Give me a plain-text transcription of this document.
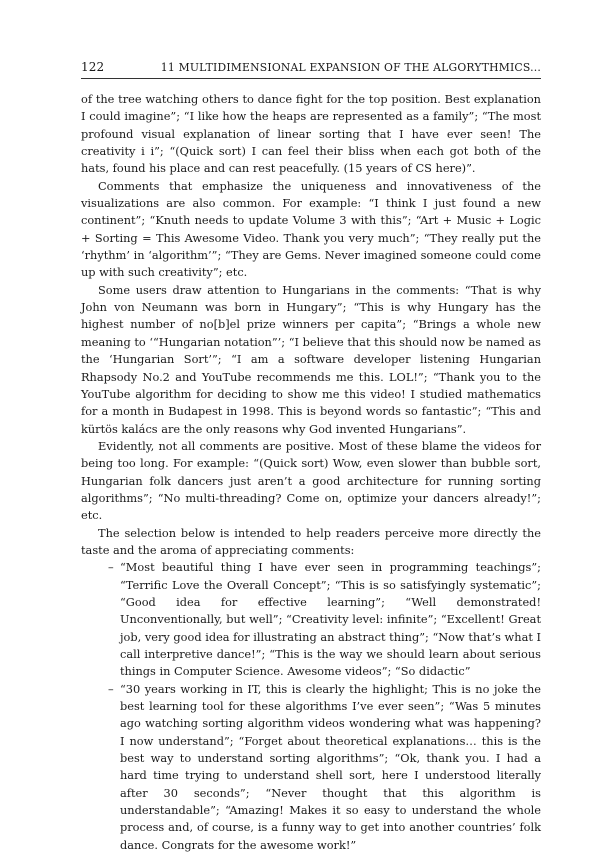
122	11 MULTIDIMENSIONAL EXPANSION OF THE ALGORYTHMICS...

of the tree watching others to dance fight for the top position. Best explanation I could imagine”; “I like how the heaps are represented as a family”; “The most profound visual explanation of linear sorting that I have ever seen! The creativity i i”; “(Quick sort) I can feel their bliss when each got both of the hats, found his place and can rest peacefully. (15 years of CS here)”.

Comments that emphasize the uniqueness and innovativeness of the visualizations are also common. For example: “I think I just found a new continent”; “Knuth needs to update Volume 3 with this”; “Art + Music + Logic + Sorting = This Awesome Video. Thank you very much”; “They really put the ‘rhythm’ in ‘algorithm’”; “They are Gems. Never imagined someone could come up with such creativity”; etc.

Some users draw attention to Hungarians in the comments: “That is why John von Neumann was born in Hungary”; “This is why Hungary has the highest number of no[b]el prize winners per capita”; “Brings a whole new meaning to ‘“Hungarian notation”’; “I believe that this should now be named as the ‘Hungarian Sort’”; “I am a software developer listening Hungarian Rhapsody No.2 and YouTube recommends me this. LOL!”; “Thank you to the YouTube algorithm for deciding to show me this video! I studied mathematics for a month in Budapest in 1998. This is beyond words so fantastic”; “This and kürtös kalács are the only reasons why God invented Hungarians”.

Evidently, not all comments are positive. Most of these blame the videos for being too long. For example: “(Quick sort) Wow, even slower than bubble sort, Hungarian folk dancers just aren’t a good architecture for running sorting algorithms”; “No multi-threading? Come on, optimize your dancers already!”; etc.

The selection below is intended to help readers perceive more directly the taste and the aroma of appreciating comments:

– “Most beautiful thing I have ever seen in programming teachings”; “Terrific Love the Overall Concept”; “This is so satisfyingly systematic”; “Good idea for effective learning”; “Well demonstrated! Unconventionally, but well”; “Creativity level: infinite”; “Excellent! Great job, very good idea for illustrating an abstract thing”; “Now that’s what I call interpretive dance!”; “This is the way we should learn about serious things in Computer Science. Awesome videos”; “So didactic”
– “30 years working in IT, this is clearly the highlight; This is no joke the best learning tool for these algorithms I’ve ever seen”; “Was 5 minutes ago watching sorting algorithm videos wondering what was happening? I now understand”; “Forget about theoretical explanations… this is the best way to understand sorting algorithms”; “Ok, thank you. I had a hard time trying to understand shell sort, here I understood literally after 30 seconds”; “Never thought that this algorithm is understandable”; “Amazing! Makes it so easy to understand the whole process and, of course, is a funny way to get into another countries’ folk dance. Congrats for the awesome work!”
